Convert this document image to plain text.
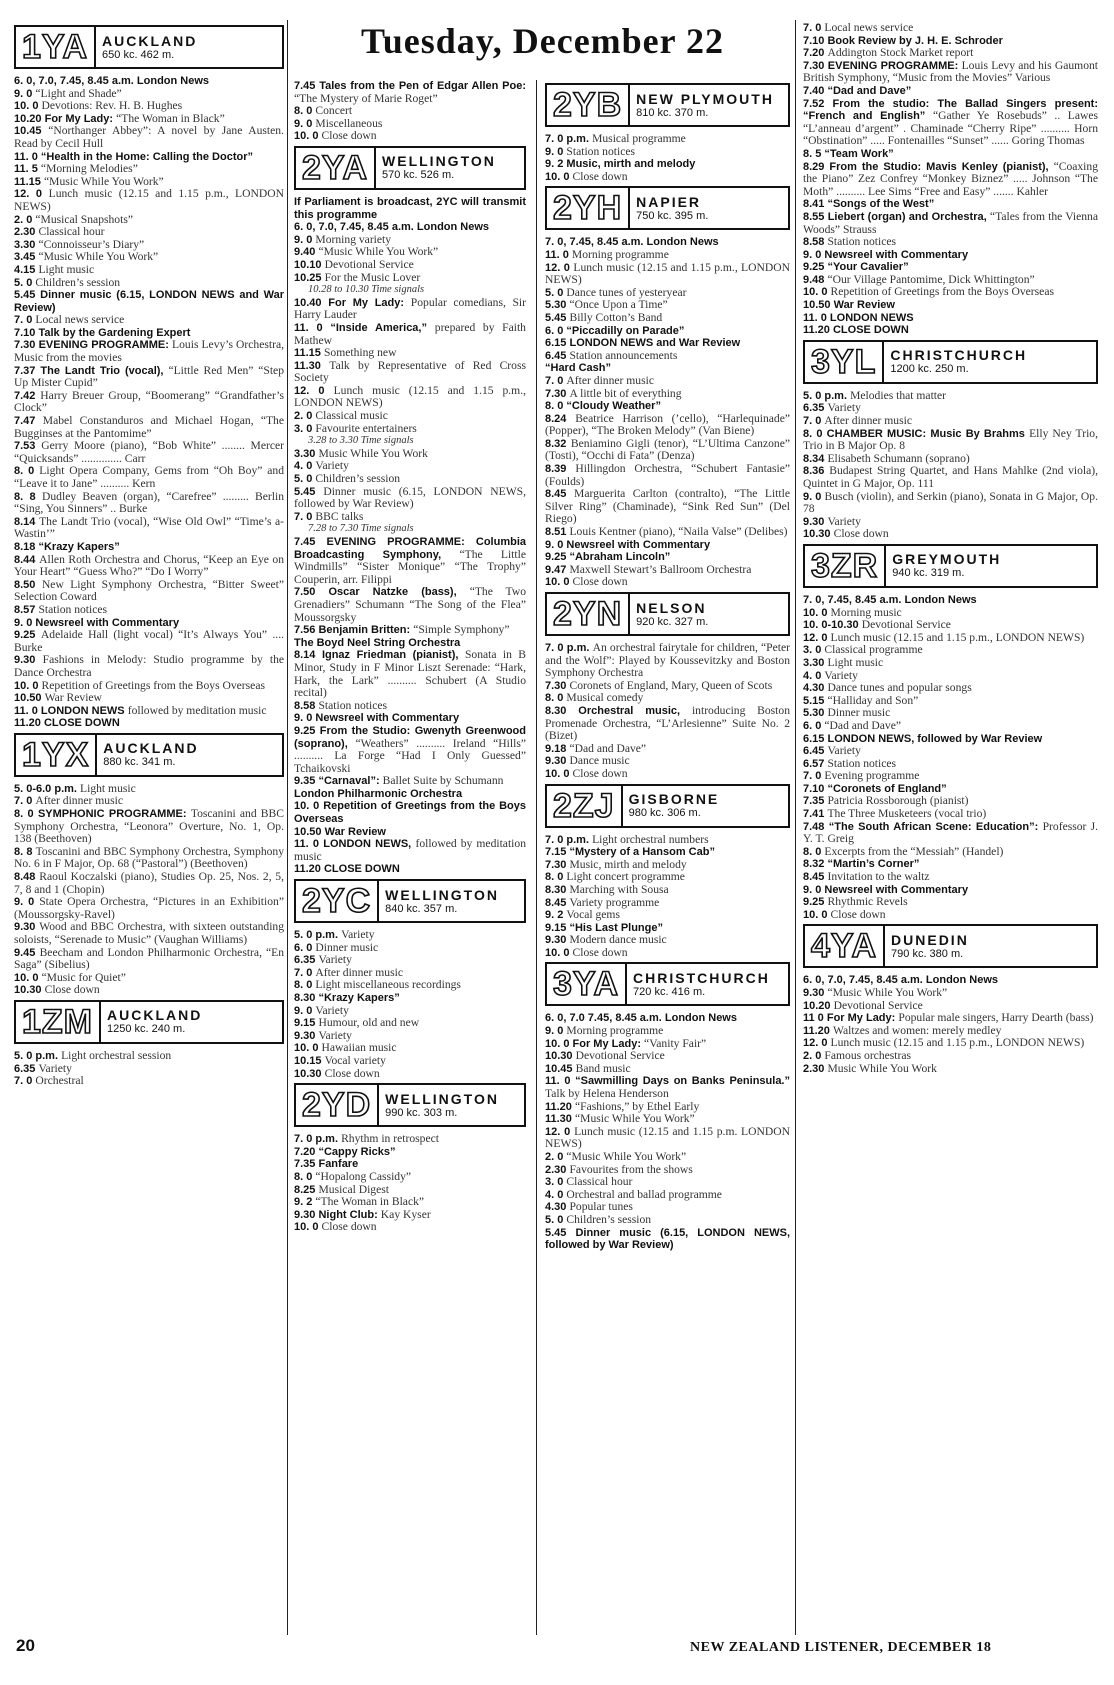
Tuesday, December 22
1YA	AUCKLAND
650 kc. 462 m.

6. 0, 7.0, 7.45, 8.45 a.m. London News

9. 0 “Light and Shade”

10. 0 Devotions: Rev. H. B. Hughes

10.20 For My Lady: “The Woman in Black”

10.45 “Northanger Abbey”: A novel by Jane Austen. Read by Cecil Hull

11. 0 “Health in the Home: Calling the Doctor”

11. 5 “Morning Melodies”

11.15 “Music While You Work”

12. 0 Lunch music (12.15 and 1.15 p.m., LONDON NEWS)

2. 0 “Musical Snapshots”

2.30 Classical hour

3.30 “Connoisseur’s Diary”

3.45 “Music While You Work”

4.15 Light music

5. 0 Children’s session

5.45 Dinner music (6.15, LONDON NEWS and War Review)

7. 0 Local news service

7.10 Talk by the Gardening Expert

7.30 EVENING PROGRAMME: Louis Levy’s Orchestra, Music from the movies

7.37 The Landt Trio (vocal), “Little Red Men” “Step Up Mister Cupid”

7.42 Harry Breuer Group, “Boomerang” “Grandfather’s Clock”

7.47 Mabel Constanduros and Michael Hogan, “The Bugginses at the Pantomime”

7.53 Gerry Moore (piano), “Bob White” ........ Mercer “Quicksands” .............. Carr

8. 0 Light Opera Company, Gems from “Oh Boy” and “Leave it to Jane” .......... Kern

8. 8 Dudley Beaven (organ), “Carefree” ......... Berlin “Sing, You Sinners” .. Burke

8.14 The Landt Trio (vocal), “Wise Old Owl” “Time’s a-Wastin’”

8.18 “Krazy Kapers”

8.44 Allen Roth Orchestra and Chorus, “Keep an Eye on Your Heart” “Guess Who?” “Do I Worry”

8.50 New Light Symphony Orchestra, “Bitter Sweet” Selection Coward

8.57 Station notices

9. 0 Newsreel with Commentary

9.25 Adelaide Hall (light vocal) “It’s Always You” .... Burke

9.30 Fashions in Melody: Studio programme by the Dance Orchestra

10. 0 Repetition of Greetings from the Boys Overseas

10.50 War Review

11. 0 LONDON NEWS followed by meditation music

11.20 CLOSE DOWN

1YX	AUCKLAND
880 kc. 341 m.

5. 0-6.0 p.m. Light music

7. 0 After dinner music

8. 0 SYMPHONIC PROGRAMME: Toscanini and BBC Symphony Orchestra, “Leonora” Overture, No. 1, Op. 138 (Beethoven)

8. 8 Toscanini and BBC Symphony Orchestra, Symphony No. 6 in F Major, Op. 68 (“Pastoral”) (Beethoven)

8.48 Raoul Koczalski (piano), Studies Op. 25, Nos. 2, 5, 7, 8 and 1 (Chopin)

9. 0 State Opera Orchestra, “Pictures in an Exhibition” (Moussorgsky-Ravel)

9.30 Wood and BBC Orchestra, with sixteen outstanding soloists, “Serenade to Music” (Vaughan Williams)

9.45 Beecham and London Philharmonic Orchestra, “En Saga” (Sibelius)

10. 0 “Music for Quiet”

10.30 Close down

1ZM	AUCKLAND
1250 kc. 240 m.

5. 0 p.m. Light orchestral session

6.35 Variety

7. 0 Orchestral

7.45 Tales from the Pen of Edgar Allen Poe: “The Mystery of Marie Roget”

8. 0 Concert

9. 0 Miscellaneous

10. 0 Close down

2YA	WELLINGTON
570 kc. 526 m.

If Parliament is broadcast, 2YC will transmit this programme

6. 0, 7.0, 7.45, 8.45 a.m. London News

9. 0 Morning variety

9.40 “Music While You Work”

10.10 Devotional Service

10.25 For the Music Lover

10.28 to 10.30 Time signals

10.40 For My Lady: Popular comedians, Sir Harry Lauder

11. 0 “Inside America,” prepared by Faith Mathew

11.15 Something new

11.30 Talk by Representative of Red Cross Society

12. 0 Lunch music (12.15 and 1.15 p.m., LONDON NEWS)

2. 0 Classical music

3. 0 Favourite entertainers

3.28 to 3.30 Time signals

3.30 Music While You Work

4. 0 Variety

5. 0 Children’s session

5.45 Dinner music (6.15, LONDON NEWS, followed by War Review)

7. 0 BBC talks

7.28 to 7.30 Time signals

7.45 EVENING PROGRAMME: Columbia Broadcasting Symphony, “The Little Windmills” “Sister Monique” “The Trophy” Couperin, arr. Filippi

7.50 Oscar Natzke (bass), “The Two Grenadiers” Schumann “The Song of the Flea” Moussorgsky

7.56 Benjamin Britten: “Simple Symphony”

The Boyd Neel String Orchestra

8.14 Ignaz Friedman (pianist), Sonata in B Minor, Study in F Minor Liszt Serenade: “Hark, Hark, the Lark” .......... Schubert (A Studio recital)

8.58 Station notices

9. 0 Newsreel with Commentary

9.25 From the Studio: Gwenyth Greenwood (soprano), “Weathers” .......... Ireland “Hills” .......... La Forge “Had I Only Guessed” Tchaikovski

9.35 “Carnaval”: Ballet Suite by Schumann

London Philharmonic Orchestra

10. 0 Repetition of Greetings from the Boys Overseas

10.50 War Review

11. 0 LONDON NEWS, followed by meditation music

11.20 CLOSE DOWN

2YC	WELLINGTON
840 kc. 357 m.

5. 0 p.m. Variety

6. 0 Dinner music

6.35 Variety

7. 0 After dinner music

8. 0 Light miscellaneous recordings

8.30 “Krazy Kapers”

9. 0 Variety

9.15 Humour, old and new

9.30 Variety

10. 0 Hawaiian music

10.15 Vocal variety

10.30 Close down

2YD	WELLINGTON
990 kc. 303 m.

7. 0 p.m. Rhythm in retrospect

7.20 “Cappy Ricks”

7.35 Fanfare

8. 0 “Hopalong Cassidy”

8.25 Musical Digest

9. 2 “The Woman in Black”

9.30 Night Club: Kay Kyser

10. 0 Close down

2YB	NEW PLYMOUTH
810 kc. 370 m.

7. 0 p.m. Musical programme

9. 0 Station notices

9. 2 Music, mirth and melody

10. 0 Close down

2YH	NAPIER
750 kc. 395 m.

7. 0, 7.45, 8.45 a.m. London News

11. 0 Morning programme

12. 0 Lunch music (12.15 and 1.15 p.m., LONDON NEWS)

5. 0 Dance tunes of yesteryear

5.30 “Once Upon a Time”

5.45 Billy Cotton’s Band

6. 0 “Piccadilly on Parade”

6.15 LONDON NEWS and War Review

6.45 Station announcements

“Hard Cash”

7. 0 After dinner music

7.30 A little bit of everything

8. 0 “Cloudy Weather”

8.24 Beatrice Harrison (’cello), “Harlequinade” (Popper), “The Broken Melody” (Van Biene)

8.32 Beniamino Gigli (tenor), “L’Ultima Canzone” (Tosti), “Occhi di Fata” (Denza)

8.39 Hillingdon Orchestra, “Schubert Fantasie” (Foulds)

8.45 Marguerita Carlton (contralto), “The Little Silver Ring” (Chaminade), “Sink Red Sun” (Del Riego)

8.51 Louis Kentner (piano), “Naila Valse” (Delibes)

9. 0 Newsreel with Commentary

9.25 “Abraham Lincoln”

9.47 Maxwell Stewart’s Ballroom Orchestra

10. 0 Close down

2YN	NELSON
920 kc. 327 m.

7. 0 p.m. An orchestral fairytale for children, “Peter and the Wolf”: Played by Koussevitzky and Boston Symphony Orchestra

7.30 Coronets of England, Mary, Queen of Scots

8. 0 Musical comedy

8.30 Orchestral music, introducing Boston Promenade Orchestra, “L’Arlesienne” Suite No. 2 (Bizet)

9.18 “Dad and Dave”

9.30 Dance music

10. 0 Close down

2ZJ	GISBORNE
980 kc. 306 m.

7. 0 p.m. Light orchestral numbers

7.15 “Mystery of a Hansom Cab”

7.30 Music, mirth and melody

8. 0 Light concert programme

8.30 Marching with Sousa

8.45 Variety programme

9. 2 Vocal gems

9.15 “His Last Plunge”

9.30 Modern dance music

10. 0 Close down

3YA	CHRISTCHURCH
720 kc. 416 m.

6. 0, 7.0 7.45, 8.45 a.m. London News

9. 0 Morning programme

10. 0 For My Lady: “Vanity Fair”

10.30 Devotional Service

10.45 Band music

11. 0 “Sawmilling Days on Banks Peninsula.” Talk by Helena Henderson

11.20 “Fashions,” by Ethel Early

11.30 “Music While You Work”

12. 0 Lunch music (12.15 and 1.15 p.m. LONDON NEWS)

2. 0 “Music While You Work”

2.30 Favourites from the shows

3. 0 Classical hour

4. 0 Orchestral and ballad programme

4.30 Popular tunes

5. 0 Children’s session

5.45 Dinner music (6.15, LONDON NEWS, followed by War Review)

7. 0 Local news service

7.10 Book Review by J. H. E. Schroder

7.20 Addington Stock Market report

7.30 EVENING PROGRAMME: Louis Levy and his Gaumont British Symphony, “Music from the Movies” Various

7.40 “Dad and Dave”

7.52 From the studio: The Ballad Singers present: “French and English” “Gather Ye Rosebuds” .. Lawes “L’anneau d’argent” . Chaminade “Cherry Ripe” .......... Horn “Obstination” ..... Fontenailles “Sunset” ...... Goring Thomas

8. 5 “Team Work”

8.29 From the Studio: Mavis Kenley (pianist), “Coaxing the Piano” Zez Confrey “Monkey Biznez” ..... Johnson “The Moth” .......... Lee Sims “Free and Easy” ....... Kahler

8.41 “Songs of the West”

8.55 Liebert (organ) and Orchestra, “Tales from the Vienna Woods” Strauss

8.58 Station notices

9. 0 Newsreel with Commentary

9.25 “Your Cavalier”

9.48 “Our Village Pantomime, Dick Whittington”

10. 0 Repetition of Greetings from the Boys Overseas

10.50 War Review

11. 0 LONDON NEWS

11.20 CLOSE DOWN

3YL	CHRISTCHURCH
1200 kc. 250 m.

5. 0 p.m. Melodies that matter

6.35 Variety

7. 0 After dinner music

8. 0 CHAMBER MUSIC: Music By Brahms Elly Ney Trio, Trio in B Major Op. 8

8.34 Elisabeth Schumann (soprano)

8.36 Budapest String Quartet, and Hans Mahlke (2nd viola), Quintet in G Major, Op. 111

9. 0 Busch (violin), and Serkin (piano), Sonata in G Major, Op. 78

9.30 Variety

10.30 Close down

3ZR	GREYMOUTH
940 kc. 319 m.

7. 0, 7.45, 8.45 a.m. London News

10. 0 Morning music

10. 0-10.30 Devotional Service

12. 0 Lunch music (12.15 and 1.15 p.m., LONDON NEWS)

3. 0 Classical programme

3.30 Light music

4. 0 Variety

4.30 Dance tunes and popular songs

5.15 “Halliday and Son”

5.30 Dinner music

6. 0 “Dad and Dave”

6.15 LONDON NEWS, followed by War Review

6.45 Variety

6.57 Station notices

7. 0 Evening programme

7.10 “Coronets of England”

7.35 Patricia Rossborough (pianist)

7.41 The Three Musketeers (vocal trio)

7.48 “The South African Scene: Education”: Professor J. Y. T. Greig

8. 0 Excerpts from the “Messiah” (Handel)

8.32 “Martin’s Corner”

8.45 Invitation to the waltz

9. 0 Newsreel with Commentary

9.25 Rhythmic Revels

10. 0 Close down

4YA	DUNEDIN
790 kc. 380 m.

6. 0, 7.0, 7.45, 8.45 a.m. London News

9.30 “Music While You Work”

10.20 Devotional Service

11 0 For My Lady: Popular male singers, Harry Dearth (bass)

11.20 Waltzes and women: merely medley

12. 0 Lunch music (12.15 and 1.15 p.m., LONDON NEWS)

2. 0 Famous orchestras

2.30 Music While You Work

20	NEW ZEALAND LISTENER, DECEMBER 18
